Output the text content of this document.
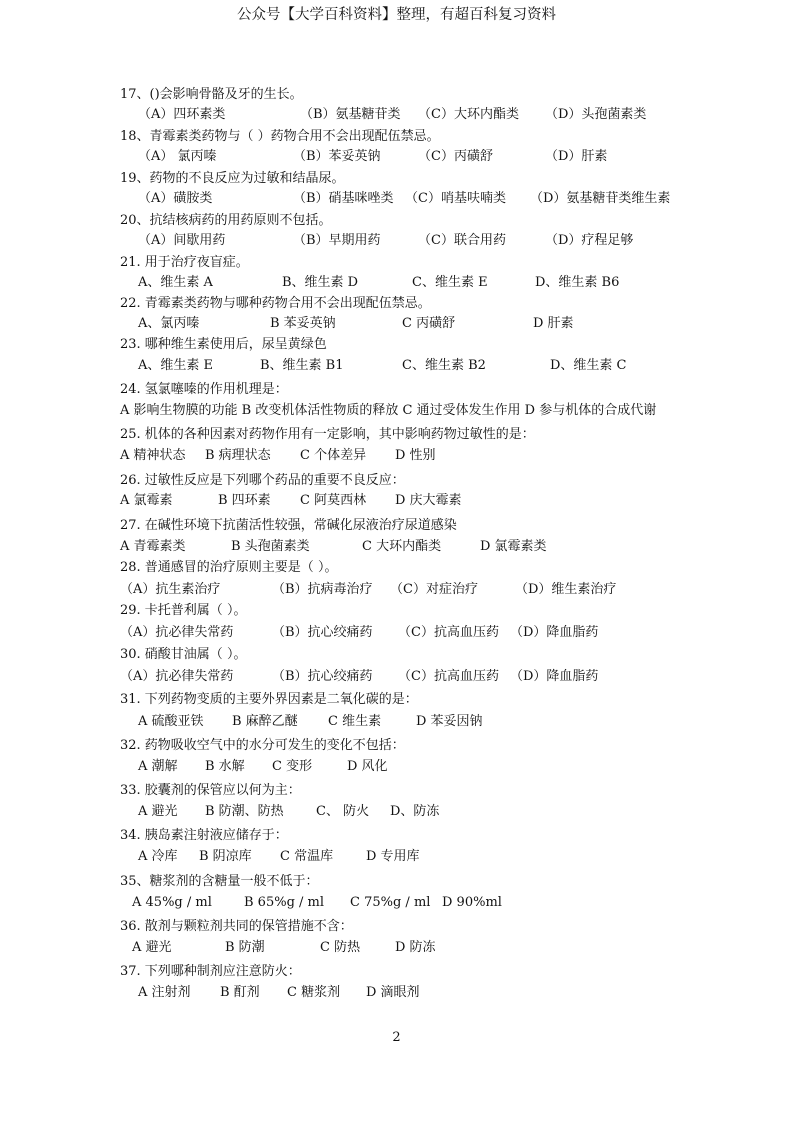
公众号【大学百科资料】整理，有超百科复习资料
17、()会影响骨骼及牙的生长。
（A）四环素类	（B）氨基糖苷类 （C）大环内酯类 （D）头孢菌素类
18、青霉素类药物与（ ）药物合用不会出现配伍禁忌。
（A） 氯丙嗪	（B）苯妥英钠	（C）丙磺舒	（D）肝素
19、药物的不良反应为过敏和结晶尿。
（A）磺胺类	（B）硝基咪唑类 （C）哨基呋喃类 （D）氨基糖苷类维生素
20、抗结核病药的用药原则不包括。
（A）间歇用药	（B）早期用药	（C）联合用药	（D）疗程足够
21. 用于治疗夜盲症。
A、维生素 A	B、维生素 D	C、维生素 E	D、维生素 B6
22. 青霉素类药物与哪种药物合用不会出现配伍禁忌。
A、氯丙嗪	B 苯妥英钠	C 丙磺舒	D 肝素
23. 哪种维生素使用后，尿呈黄绿色
A、维生素 E	B、维生素 B1	C、维生素 B2	D、维生素 C
24. 氢氯噻嗪的作用机理是：
A 影响生物膜的功能 B 改变机体活性物质的释放 C 通过受体发生作用 D 参与机体的合成代谢
25. 机体的各种因素对药物作用有一定影响，其中影响药物过敏性的是：
A 精神状态 B 病理状态 C 个体差异 D 性别
26. 过敏性反应是下列哪个药品的重要不良反应：
A 氯霉素	B 四环素 C 阿莫西林 D 庆大霉素
27. 在碱性环境下抗菌活性较强，常碱化尿液治疗尿道感染
A 青霉素类	B 头孢菌素类	C 大环内酯类	D 氯霉素类
28. 普通感冒的治疗原则主要是（ ）。
（A）抗生素治疗	（B）抗病毒治疗 （C）对症治疗	（D）维生素治疗
29. 卡托普利属（ ）。
（A）抗必律失常药	（B）抗心绞痛药 （C）抗高血压药 （D）降血脂药
30. 硝酸甘油属（ ）。
（A）抗必律失常药	（B）抗心绞痛药 （C）抗高血压药 （D）降血脂药
31. 下列药物变质的主要外界因素是二氧化碳的是：
A 硫酸亚铁 B 麻醉乙醚 C 维生素	D 苯妥因钠
32. 药物吸收空气中的水分可发生的变化不包括：
A 潮解 B 水解 C 变形	D 风化
33. 胶囊剂的保管应以何为主：
A 避光 B 防潮、防热 C、 防火 D、防冻
34. 胰岛素注射液应储存于：
A 冷库 B 阴凉库 C 常温库	D 专用库
35、糖浆剂的含糖量一般不低于：
A 45%g / ml B 65%g / ml C 75%g / ml D 90%ml
36. 散剂与颗粒剂共同的保管措施不含：
A 避光	B 防潮	C 防热	D 防冻
37. 下列哪种制剂应注意防火：
A 注射剂 B 酊剂 C 糖浆剂 D 滴眼剂
2
